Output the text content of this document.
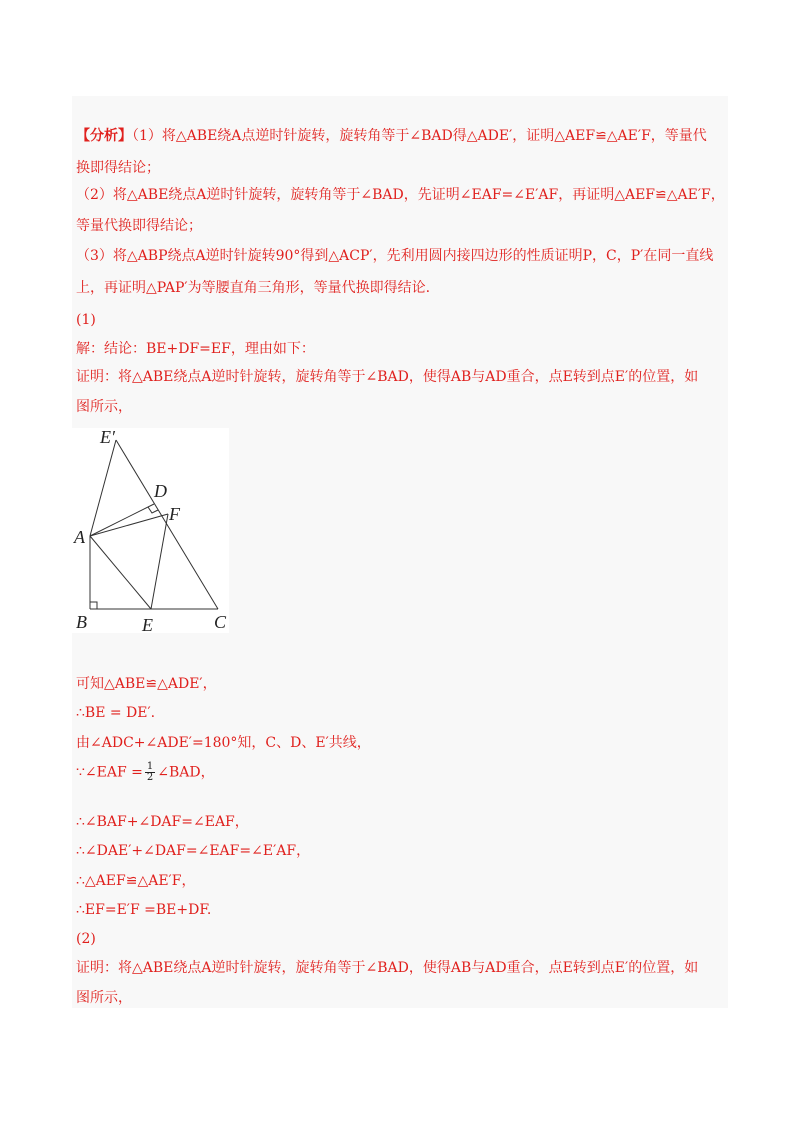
【分析】（1）将△ABE绕A点逆时针旋转，旋转角等于∠BAD得△ADE′，证明△AEF≌△AE′F，等量代
换即得结论；
（2）将△ABE绕点A逆时针旋转，旋转角等于∠BAD，先证明∠EAF=∠E′AF，再证明△AEF≌△AE′F，
等量代换即得结论；
（3）将△ABP绕点A逆时针旋转90°得到△ACP′，先利用圆内接四边形的性质证明P，C，P′在同一直线
上，再证明△PAP′为等腰直角三角形，等量代换即得结论.
(1)
解：结论：BE+DF=EF，理由如下：
证明：将△ABE绕点A逆时针旋转，旋转角等于∠BAD，使得AB与AD重合，点E转到点E′的位置，如
图所示，
E′
D
F
A
B	E	C
可知△ABE≌△ADE′，
∴BE = DE′.
由∠ADC+∠ADE′=180°知，C、D、E′共线，
∵∠EAF = $\frac{1}{2}$ ∠BAD，
∴∠BAF+∠DAF=∠EAF，
∴∠DAE′+∠DAF=∠EAF=∠E′AF，
∴△AEF≌△AE′F，
∴EF=E′F =BE+DF.
(2)
证明：将△ABE绕点A逆时针旋转，旋转角等于∠BAD，使得AB与AD重合，点E转到点E′的位置，如
图所示，
